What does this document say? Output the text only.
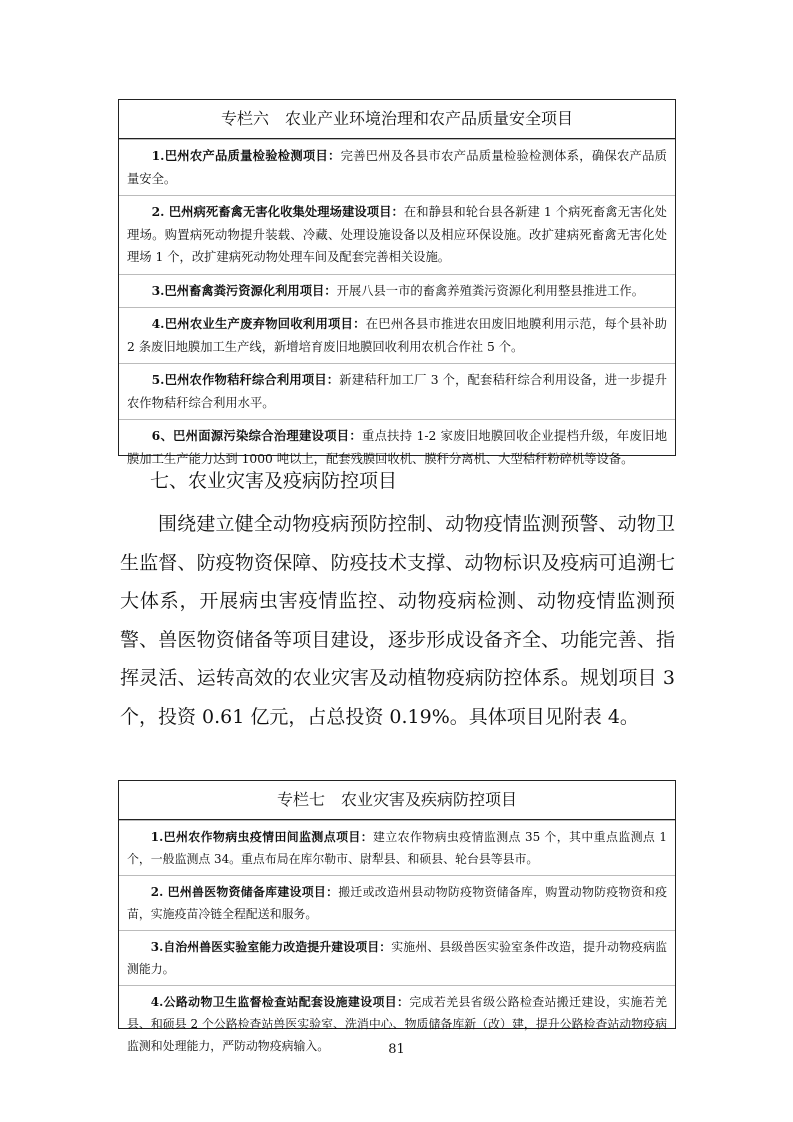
专栏六　农业产业环境治理和农产品质量安全项目

1.巴州农产品质量检验检测项目：完善巴州及各县市农产品质量检验检测体系，确保农产品质量安全。

2. 巴州病死畜禽无害化收集处理场建设项目：在和静县和轮台县各新建 1 个病死畜禽无害化处理场。购置病死动物提升装载、冷藏、处理设施设备以及相应环保设施。改扩建病死畜禽无害化处理场 1 个，改扩建病死动物处理车间及配套完善相关设施。

3.巴州畜禽粪污资源化利用项目：开展八县一市的畜禽养殖粪污资源化利用整县推进工作。

4.巴州农业生产废弃物回收利用项目：在巴州各县市推进农田废旧地膜利用示范，每个县补助 2 条废旧地膜加工生产线，新增培育废旧地膜回收利用农机合作社 5 个。

5.巴州农作物秸秆综合利用项目：新建秸秆加工厂 3 个，配套秸秆综合利用设备，进一步提升农作物秸秆综合利用水平。

6、巴州面源污染综合治理建设项目：重点扶持 1-2 家废旧地膜回收企业提档升级，年废旧地膜加工生产能力达到 1000 吨以上，配套残膜回收机、膜秆分离机、大型秸秆粉碎机等设备。

七、农业灾害及疫病防控项目

围绕建立健全动物疫病预防控制、动物疫情监测预警、动物卫生监督、防疫物资保障、防疫技术支撑、动物标识及疫病可追溯七大体系，开展病虫害疫情监控、动物疫病检测、动物疫情监测预警、兽医物资储备等项目建设，逐步形成设备齐全、功能完善、指挥灵活、运转高效的农业灾害及动植物疫病防控体系。规划项目 3 个，投资 0.61 亿元，占总投资 0.19%。具体项目见附表 4。

专栏七　农业灾害及疾病防控项目

1.巴州农作物病虫疫情田间监测点项目：建立农作物病虫疫情监测点 35 个，其中重点监测点 1 个，一般监测点 34。重点布局在库尔勒市、尉犁县、和硕县、轮台县等县市。

2. 巴州兽医物资储备库建设项目：搬迁或改造州县动物防疫物资储备库，购置动物防疫物资和疫苗，实施疫苗冷链全程配送和服务。

3.自治州兽医实验室能力改造提升建设项目：实施州、县级兽医实验室条件改造，提升动物疫病监测能力。

4.公路动物卫生监督检查站配套设施建设项目：完成若羌县省级公路检查站搬迁建设，实施若羌县、和硕县 2 个公路检查站兽医实验室、洗消中心、物质储备库新（改）建，提升公路检查站动物疫病监测和处理能力，严防动物疫病输入。	81
